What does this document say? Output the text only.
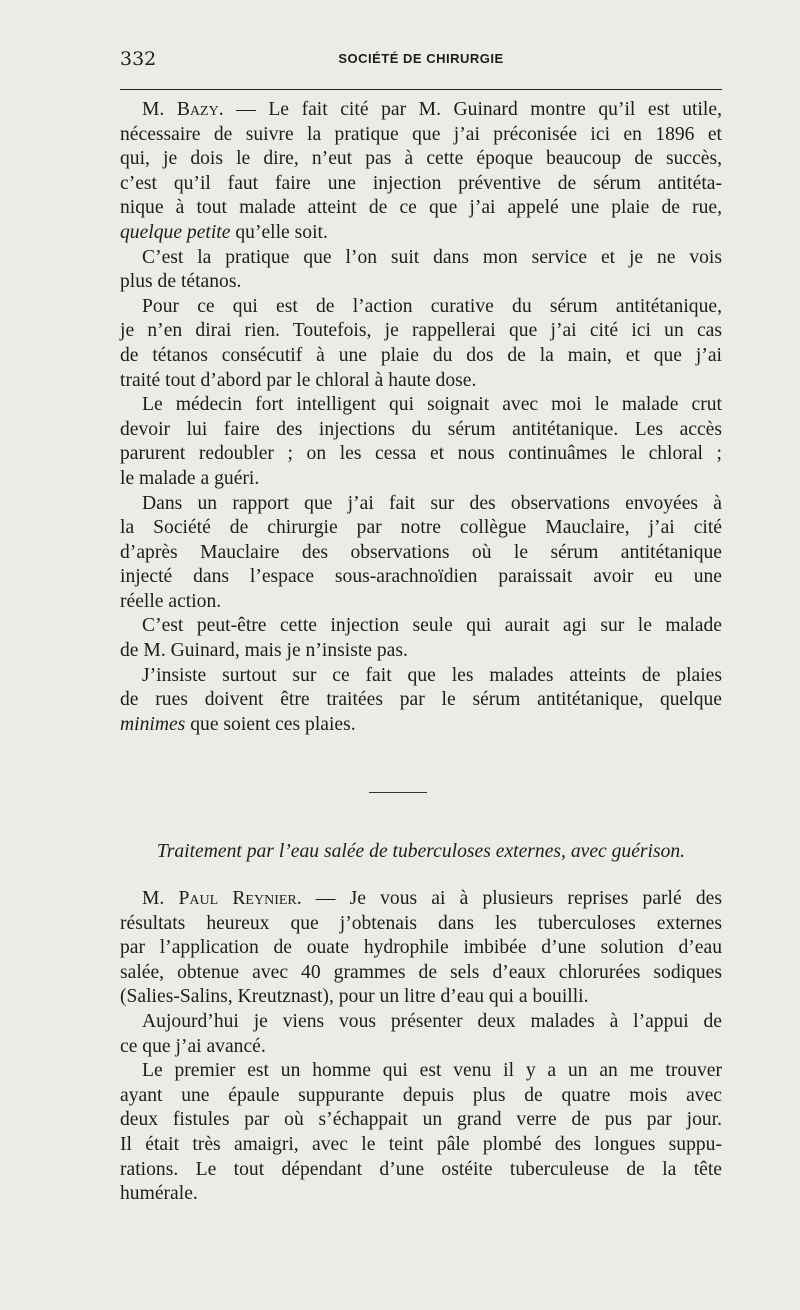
332	SOCIÉTÉ DE CHIRURGIE
M. Bazy. — Le fait cité par M. Guinard montre qu’il est utile,
nécessaire de suivre la pratique que j’ai préconisée ici en 1896 et
qui, je dois le dire, n’eut pas à cette époque beaucoup de succès,
c’est qu’il faut faire une injection préventive de sérum antitéta-
nique à tout malade atteint de ce que j’ai appelé une plaie de rue,
quelque petite qu’elle soit.
C’est la pratique que l’on suit dans mon service et je ne vois
plus de tétanos.
Pour ce qui est de l’action curative du sérum antitétanique,
je n’en dirai rien. Toutefois, je rappellerai que j’ai cité ici un cas
de tétanos consécutif à une plaie du dos de la main, et que j’ai
traité tout d’abord par le chloral à haute dose.
Le médecin fort intelligent qui soignait avec moi le malade crut
devoir lui faire des injections du sérum antitétanique. Les accès
parurent redoubler ; on les cessa et nous continuâmes le chloral ;
le malade a guéri.
Dans un rapport que j’ai fait sur des observations envoyées à
la Société de chirurgie par notre collègue Mauclaire, j’ai cité
d’après Mauclaire des observations où le sérum antitétanique
injecté dans l’espace sous-arachnoïdien paraissait avoir eu une
réelle action.
C’est peut-être cette injection seule qui aurait agi sur le malade
de M. Guinard, mais je n’insiste pas.
J’insiste surtout sur ce fait que les malades atteints de plaies
de rues doivent être traitées par le sérum antitétanique, quelque
minimes que soient ces plaies.
Traitement par l’eau salée de tuberculoses externes, avec guérison.
M. Paul Reynier. — Je vous ai à plusieurs reprises parlé des
résultats heureux que j’obtenais dans les tuberculoses externes
par l’application de ouate hydrophile imbibée d’une solution d’eau
salée, obtenue avec 40 grammes de sels d’eaux chlorurées sodiques
(Salies-Salins, Kreutznast), pour un litre d’eau qui a bouilli.
Aujourd’hui je viens vous présenter deux malades à l’appui de
ce que j’ai avancé.
Le premier est un homme qui est venu il y a un an me trouver
ayant une épaule suppurante depuis plus de quatre mois avec
deux fistules par où s’échappait un grand verre de pus par jour.
Il était très amaigri, avec le teint pâle plombé des longues suppu-
rations. Le tout dépendant d’une ostéite tuberculeuse de la tête
humérale.
